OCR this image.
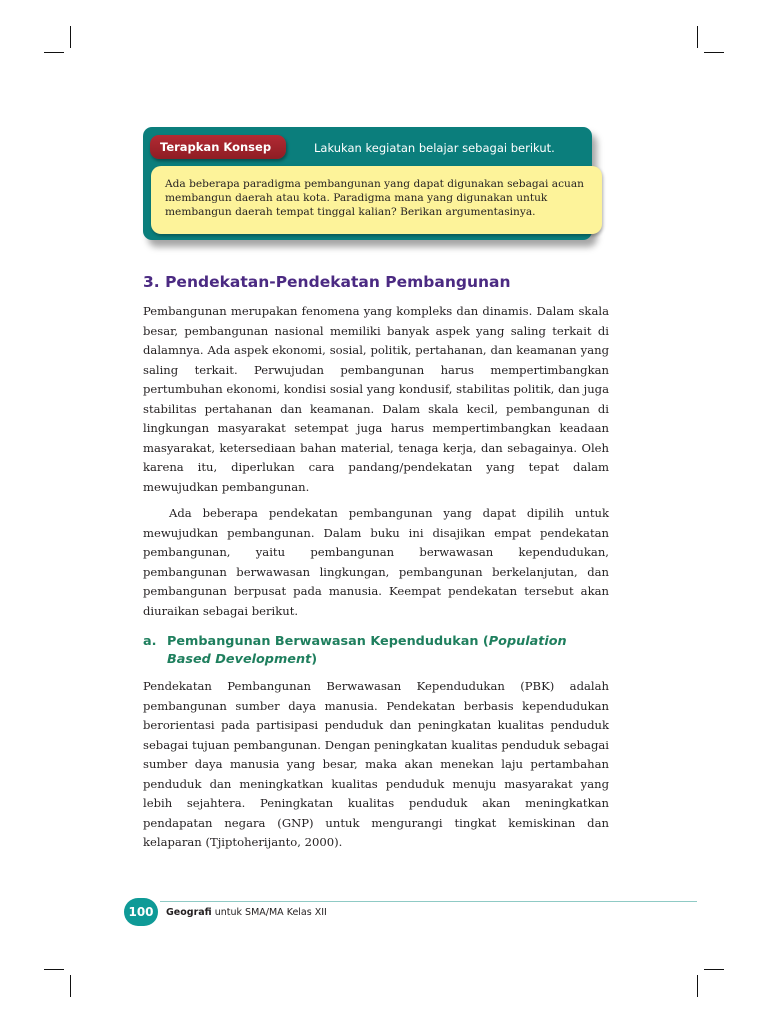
Terapkan Konsep	Lakukan kegiatan belajar sebagai berikut.
Ada beberapa paradigma pembangunan yang dapat digunakan sebagai acuan membangun daerah atau kota. Paradigma mana yang digunakan untuk membangun daerah tempat tinggal kalian? Berikan argumentasinya.
3. Pendekatan-Pendekatan Pembangunan

Pembangunan merupakan fenomena yang kompleks dan dinamis. Dalam skala besar, pembangunan nasional memiliki banyak aspek yang saling terkait di dalamnya. Ada aspek ekonomi, sosial, politik, pertahanan, dan keamanan yang saling terkait. Perwujudan pembangunan harus mempertimbangkan pertumbuhan ekonomi, kondisi sosial yang kondusif, stabilitas politik, dan juga stabilitas pertahanan dan keamanan. Dalam skala kecil, pembangunan di lingkungan masyarakat setempat juga harus mempertimbangkan keadaan masyarakat, ketersediaan bahan material, tenaga kerja, dan sebagainya. Oleh karena itu, diperlukan cara pandang/pendekatan yang tepat dalam mewujudkan pembangunan.

Ada beberapa pendekatan pembangunan yang dapat dipilih untuk mewujudkan pembangunan. Dalam buku ini disajikan empat pendekatan pembangunan, yaitu pembangunan berwawasan kependudukan, pembangunan berwawasan lingkungan, pembangunan berkelanjutan, dan pembangunan berpusat pada manusia. Keempat pendekatan tersebut akan diuraikan sebagai berikut.

a. Pembangunan Berwawasan Kependudukan (Population Based Development)

Pendekatan Pembangunan Berwawasan Kependudukan (PBK) adalah pembangunan sumber daya manusia. Pendekatan berbasis kependudukan berorientasi pada partisipasi penduduk dan peningkatan kualitas penduduk sebagai tujuan pembangunan. Dengan peningkatan kualitas penduduk sebagai sumber daya manusia yang besar, maka akan menekan laju pertambahan penduduk dan meningkatkan kualitas penduduk menuju masyarakat yang lebih sejahtera. Peningkatan kualitas penduduk akan meningkatkan pendapatan negara (GNP) untuk mengurangi tingkat kemiskinan dan kelaparan (Tjiptoherijanto, 2000).

100	Geografi untuk SMA/MA Kelas XII
